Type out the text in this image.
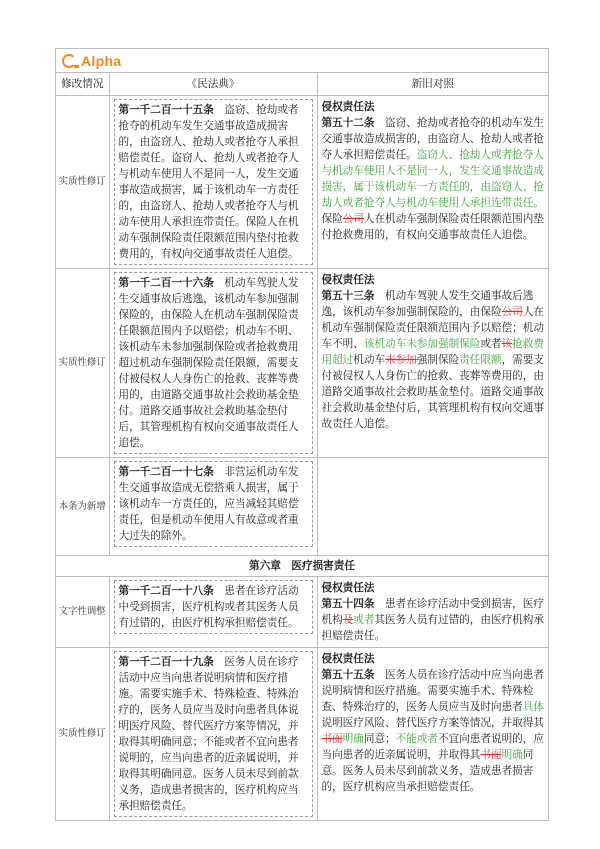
Alpha
修改情况	《民法典》	新旧对照
实质性修订	第一千二百一十五条　盗窃、抢劫或者抢夺的机动车发生交通事故造成损害的，由盗窃人、抢劫人或者抢夺人承担赔偿责任。盗窃人、抢劫人或者抢夺人与机动车使用人不是同一人，发生交通事故造成损害，属于该机动车一方责任的，由盗窃人、抢劫人或者抢夺人与机动车使用人承担连带责任。保险人在机动车强制保险责任限额范围内垫付抢救费用的，有权向交通事故责任人追偿。	侵权责任法
第五十二条　盗窃、抢劫或者抢夺的机动车发生交通事故造成损害的，由盗窃人、抢劫人或者抢夺人承担赔偿责任。盗窃人、抢劫人或者抢夺人与机动车使用人不是同一人，发生交通事故造成损害，属于该机动车一方责任的，由盗窃人、抢劫人或者抢夺人与机动车使用人承担连带责任。
保险公司人在机动车强制保险责任限额范围内垫付抢救费用的，有权向交通事故责任人追偿。
实质性修订	第一千二百一十六条　机动车驾驶人发生交通事故后逃逸，该机动车参加强制保险的，由保险人在机动车强制保险责任限额范围内予以赔偿；机动车不明、该机动车未参加强制保险或者抢救费用超过机动车强制保险责任限额，需要支付被侵权人人身伤亡的抢救、丧葬等费用的，由道路交通事故社会救助基金垫付。道路交通事故社会救助基金垫付后，其管理机构有权向交通事故责任人追偿。	侵权责任法
第五十三条　机动车驾驶人发生交通事故后逃逸，该机动车参加强制保险的，由保险公司人在机动车强制保险责任限额范围内予以赔偿；机动车不明、该机动车未参加强制保险或者该抢救费用超过机动车未参加强制保险责任限额，需要支付被侵权人人身伤亡的抢救、丧葬等费用的，由道路交通事故社会救助基金垫付。道路交通事故社会救助基金垫付后，其管理机构有权向交通事故责任人追偿。
本条为新增	第一千二百一十七条　非营运机动车发生交通事故造成无偿搭乘人损害，属于该机动车一方责任的，应当减轻其赔偿责任，但是机动车使用人有故意或者重大过失的除外。	

第六章　医疗损害责任		
文字性调整	第一千二百一十八条　患者在诊疗活动中受到损害，医疗机构或者其医务人员有过错的，由医疗机构承担赔偿责任。	侵权责任法
第五十四条　患者在诊疗活动中受到损害，医疗机构及或者其医务人员有过错的，由医疗机构承担赔偿责任。
实质性修订	第一千二百一十九条　医务人员在诊疗活动中应当向患者说明病情和医疗措施。需要实施手术、特殊检查、特殊治疗的，医务人员应当及时向患者具体说明医疗风险、替代医疗方案等情况，并取得其明确同意；不能或者不宜向患者说明的，应当向患者的近亲属说明，并取得其明确同意。医务人员未尽到前款义务，造成患者损害的，医疗机构应当承担赔偿责任。	侵权责任法
第五十五条　医务人员在诊疗活动中应当向患者说明病情和医疗措施。需要实施手术、特殊检查、特殊治疗的，医务人员应当及时向患者具体说明医疗风险、替代医疗方案等情况，并取得其书面明确同意；不能或者不宜向患者说明的，应当向患者的近亲属说明，并取得其书面明确同意。医务人员未尽到前款义务，造成患者损害的，医疗机构应当承担赔偿责任。
